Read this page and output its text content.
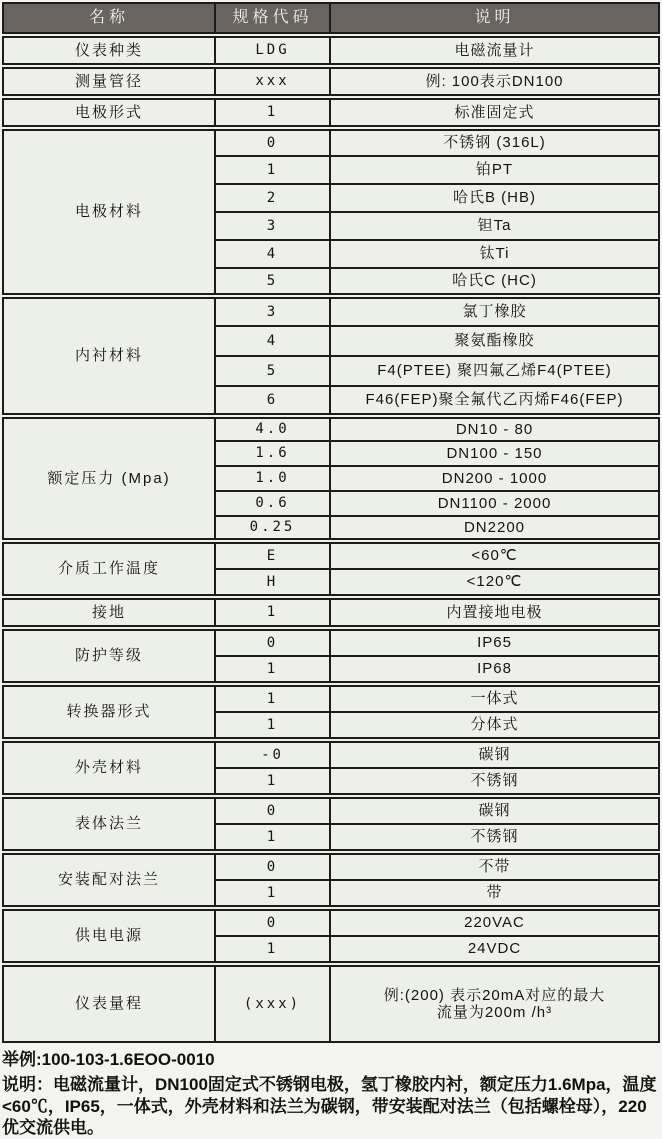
名称	规格代码	说明
仪表种类	LDG	电磁流量计
测量管径	xxx	例: 100表示DN100
电极形式	1	标准固定式
电极材料	0	不锈钢 (316L)
	1	铂PT
	2	哈氏B (HB)
	3	钽Ta
	4	钛Ti
	5	哈氏C (HC)
内衬材料	3	氯丁橡胶
	4	聚氨酯橡胶
	5	F4(PTEE) 聚四氟乙烯F4(PTEE)
	6	F46(FEP)聚全氟代乙丙烯F46(FEP)
额定压力 (Mpa)	4.0	DN10 - 80
	1.6	DN100 - 150
	1.0	DN200 - 1000
	0.6	DN1100 - 2000
	0.25	DN2200
介质工作温度	E	<60℃
	H	<120℃
接地	1	内置接地电极
防护等级	0	IP65
	1	IP68
转换器形式	1	一体式
	1	分体式
外壳材料	-0	碳钢
	1	不锈钢
表体法兰	0	碳钢
	1	不锈钢
安装配对法兰	0	不带
	1	带
供电电源	0	220VAC
	1	24VDC
仪表量程	(xxx)	例:(200) 表示20mA对应的最大
流量为200m /h³
举例:100-103-1.6EOO-0010
说明：电磁流量计，DN100固定式不锈钢电极，氢丁橡胶内衬，额定压力1.6Mpa，温度<60℃，IP65，一体式，外壳材料和法兰为碳钢，带安装配对法兰（包括螺栓母），220优交流供电。
